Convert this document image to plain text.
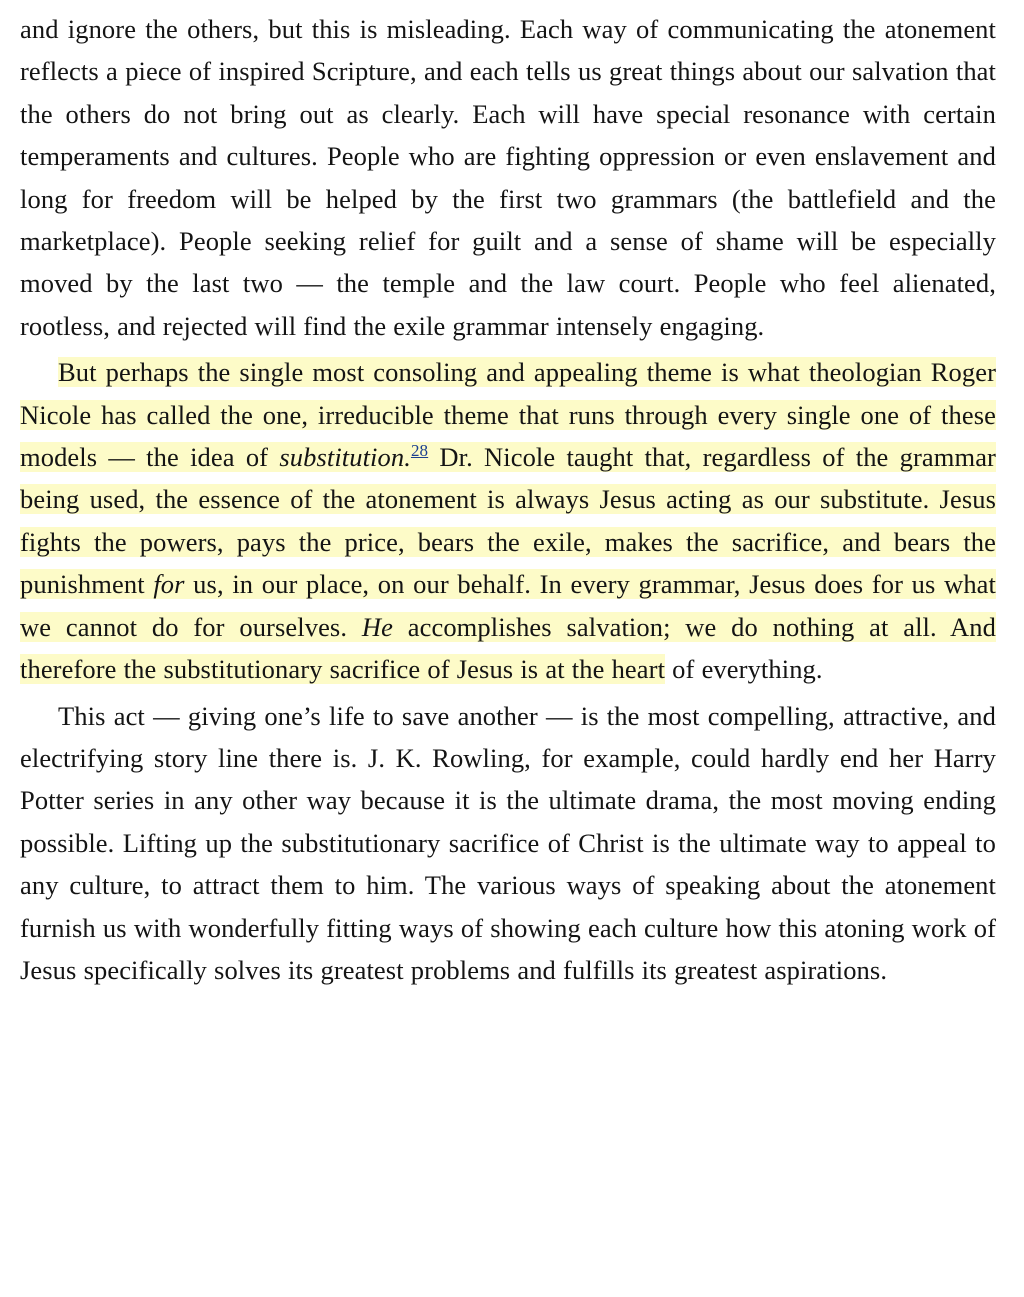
and ignore the others, but this is misleading. Each way of communicating the atonement reflects a piece of inspired Scripture, and each tells us great things about our salvation that the others do not bring out as clearly. Each will have special resonance with certain temperaments and cultures. People who are fighting oppression or even enslavement and long for freedom will be helped by the first two grammars (the battlefield and the marketplace). People seeking relief for guilt and a sense of shame will be especially moved by the last two — the temple and the law court. People who feel alienated, rootless, and rejected will find the exile grammar intensely engaging.

But perhaps the single most consoling and appealing theme is what theologian Roger Nicole has called the one, irreducible theme that runs through every single one of these models — the idea of substitution.$^{28}$ Dr. Nicole taught that, regardless of the grammar being used, the essence of the atonement is always Jesus acting as our substitute. Jesus fights the powers, pays the price, bears the exile, makes the sacrifice, and bears the punishment for us, in our place, on our behalf. In every grammar, Jesus does for us what we cannot do for ourselves. He accomplishes salvation; we do nothing at all. And therefore the substitutionary sacrifice of Jesus is at the heart of everything.

This act — giving one’s life to save another — is the most compelling, attractive, and electrifying story line there is. J. K. Rowling, for example, could hardly end her Harry Potter series in any other way because it is the ultimate drama, the most moving ending possible. Lifting up the substitutionary sacrifice of Christ is the ultimate way to appeal to any culture, to attract them to him. The various ways of speaking about the atonement furnish us with wonderfully fitting ways of showing each culture how this atoning work of Jesus specifically solves its greatest problems and fulfills its greatest aspirations.
